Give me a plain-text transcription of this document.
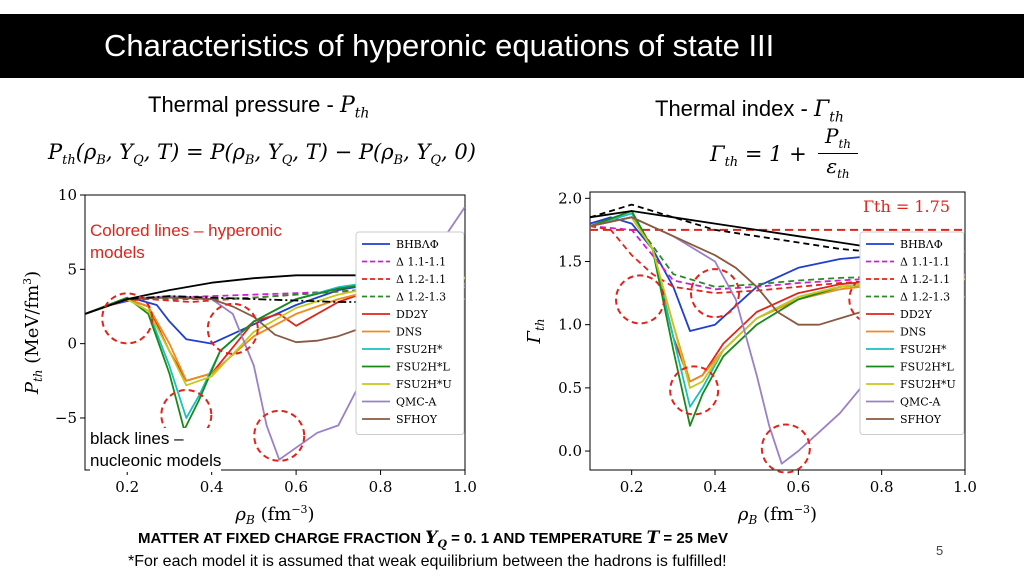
Characteristics of hyperonic equations of state III
Thermal pressure - $P_{th}$
$P_{th}(\rho_B$, $Y_Q$, $T) = P(\rho_B$, $Y_Q$, $T) - P(\rho_B$, $Y_Q$, 0)
Thermal index - $\Gamma_{th}$
$\Gamma_{th} = 1$ +
$P_{th}$
$\varepsilon_{th}$
0.2	0.4	0.6	0.8	1.0
10
5
0
−5
BHBΛΦ
Δ 1.1-1.1
Δ 1.2-1.1
Δ 1.2-1.3
DD2Y
DNS
FSU2H*
FSU2H*L
FSU2H*U
QMC-A
SFHOY
$\rho_B$ $(fm^{-3})$
$P_{th}$ $(MeV/fm^3)$
0.2	0.4	0.6	0.8	1.0
2.0
1.5
1.0
0.5
0.0
BHBΛΦ
Δ 1.1-1.1
Δ 1.2-1.1
Δ 1.2-1.3
DD2Y
DNS
FSU2H*
FSU2H*L
FSU2H*U
QMC-A
SFHOY
$\rho_B$ $(fm^{-3})$
$\Gamma_{th}$
Γth = 1.75
Colored lines – hyperonic
models
black lines –
nucleonic models
MATTER AT FIXED CHARGE FRACTION $Y_Q = 0$. 1 AND TEMPERATURE T = 25 MeV
*For each model it is assumed that weak equilibrium between the hadrons is fulfilled!
5
